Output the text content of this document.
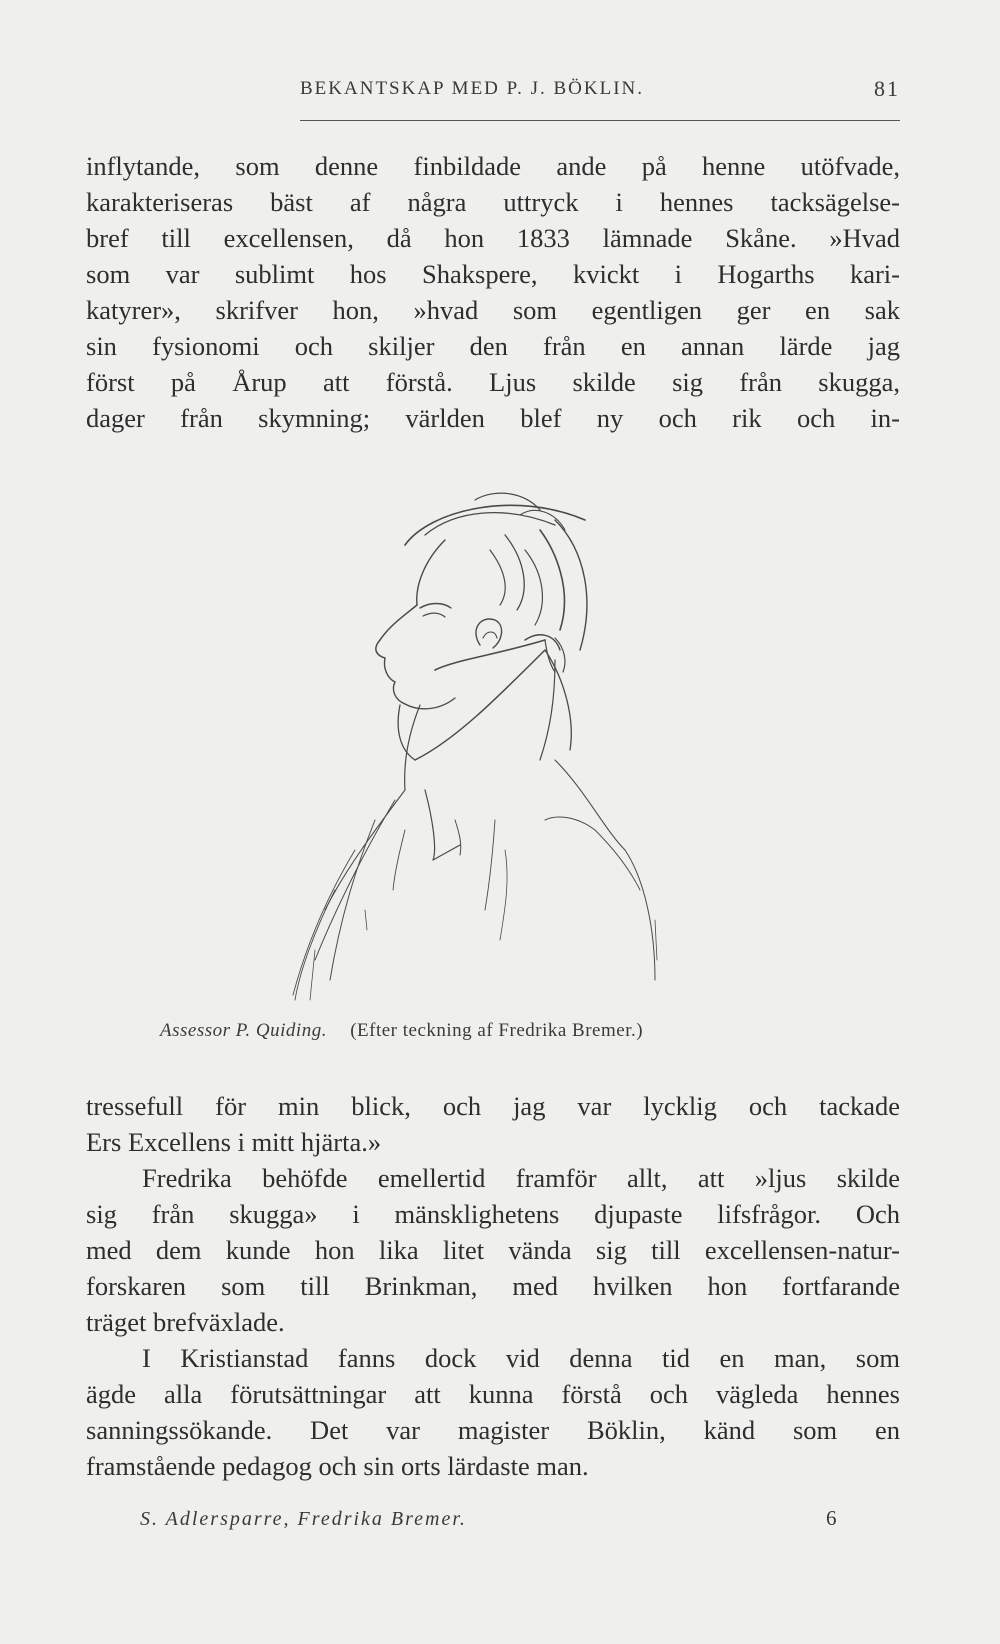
BEKANTSKAP MED P. J. BÖKLIN.	81
inflytande, som denne finbildade ande på henne utöfvade,
karakteriseras bäst af några uttryck i hennes tacksägelse-
bref till excellensen, då hon 1833 lämnade Skåne. »Hvad
som var sublimt hos Shakspere, kvickt i Hogarths kari-
katyrer», skrifver hon, »hvad som egentligen ger en sak
sin fysionomi och skiljer den från en annan lärde jag
först på Årup att förstå. Ljus skilde sig från skugga,
dager från skymning; världen blef ny och rik och in-
Assessor P. Quiding. (Efter teckning af Fredrika Bremer.)
tressefull för min blick, och jag var lycklig och tackade
Ers Excellens i mitt hjärta.»
Fredrika behöfde emellertid framför allt, att »ljus skilde
sig från skugga» i mänsklighetens djupaste lifsfrågor. Och
med dem kunde hon lika litet vända sig till excellensen-natur-
forskaren som till Brinkman, med hvilken hon fortfarande
träget brefväxlade.
I Kristianstad fanns dock vid denna tid en man, som
ägde alla förutsättningar att kunna förstå och vägleda hennes
sanningssökande. Det var magister Böklin, känd som en
framstående pedagog och sin orts lärdaste man.
S. Adlersparre, Fredrika Bremer.	6
